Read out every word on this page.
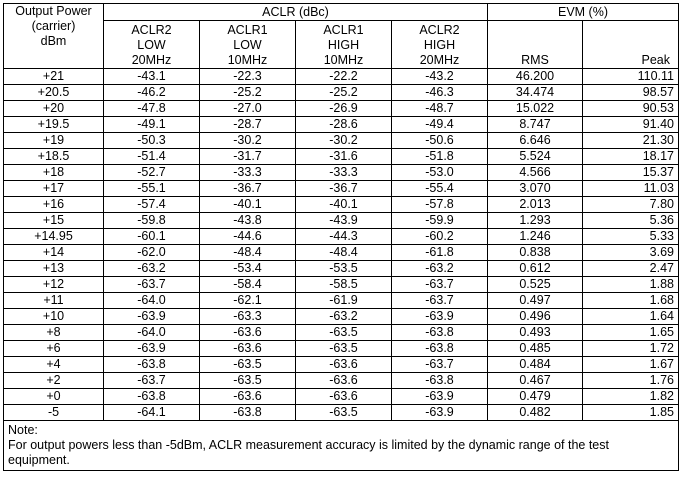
Output Power
(carrier)
dBm	ACLR (dBc)				EVM (%)	

	ACLR2
LOW
20MHz	ACLR1
LOW
10MHz	ACLR1
HIGH
10MHz	ACLR2
HIGH
20MHz	RMS	Peak

+21	-43.1	-22.3	-22.2	-43.2	46.200	110.11
+20.5	-46.2	-25.2	-25.2	-46.3	34.474	98.57
+20	-47.8	-27.0	-26.9	-48.7	15.022	90.53
+19.5	-49.1	-28.7	-28.6	-49.4	8.747	91.40
+19	-50.3	-30.2	-30.2	-50.6	6.646	21.30
+18.5	-51.4	-31.7	-31.6	-51.8	5.524	18.17
+18	-52.7	-33.3	-33.3	-53.0	4.566	15.37
+17	-55.1	-36.7	-36.7	-55.4	3.070	11.03
+16	-57.4	-40.1	-40.1	-57.8	2.013	7.80
+15	-59.8	-43.8	-43.9	-59.9	1.293	5.36
+14.95	-60.1	-44.6	-44.3	-60.2	1.246	5.33
+14	-62.0	-48.4	-48.4	-61.8	0.838	3.69
+13	-63.2	-53.4	-53.5	-63.2	0.612	2.47
+12	-63.7	-58.4	-58.5	-63.7	0.525	1.88
+11	-64.0	-62.1	-61.9	-63.7	0.497	1.68
+10	-63.9	-63.3	-63.2	-63.9	0.496	1.64
+8	-64.0	-63.6	-63.5	-63.8	0.493	1.65
+6	-63.9	-63.6	-63.5	-63.8	0.485	1.72
+4	-63.8	-63.5	-63.6	-63.7	0.484	1.67
+2	-63.7	-63.5	-63.6	-63.8	0.467	1.76
+0	-63.8	-63.6	-63.6	-63.9	0.479	1.82
-5	-64.1	-63.8	-63.5	-63.9	0.482	1.85

Note:
For output powers less than -5dBm, ACLR measurement accuracy is limited by the dynamic range of the test equipment.						
